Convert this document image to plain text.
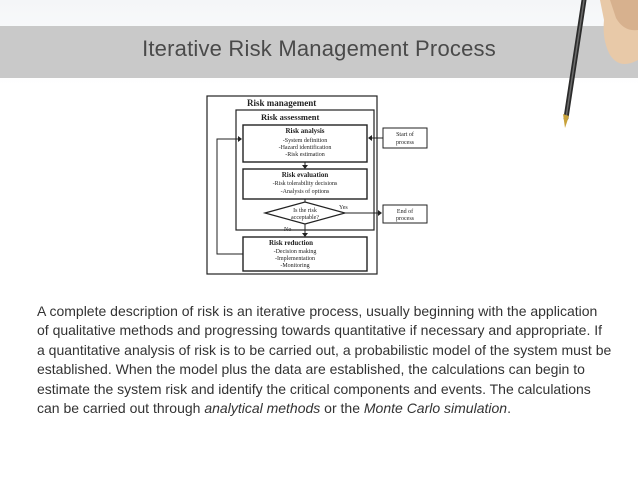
Iterative Risk Management Process
Risk management
Risk assessment
Risk analysis
-System definition
-Hazard identification
-Risk estimation
Risk evaluation
-Risk tolerability decisions
-Analysis of options
Is the risk
acceptable?
Yes
No
Risk reduction
-Decision making
-Implementation
-Monitoring
Start of
process
End of
process
A complete description of risk is an iterative process, usually beginning with the application of qualitative methods and progressing towards quantitative if necessary and appropriate. If a quantitative analysis of risk is to be carried out, a probabilistic model of the system must be established. When the model plus the data are established, the calculations can begin to estimate the system risk and identify the critical components and events. The calculations can be carried out through analytical methods or the Monte Carlo simulation.
